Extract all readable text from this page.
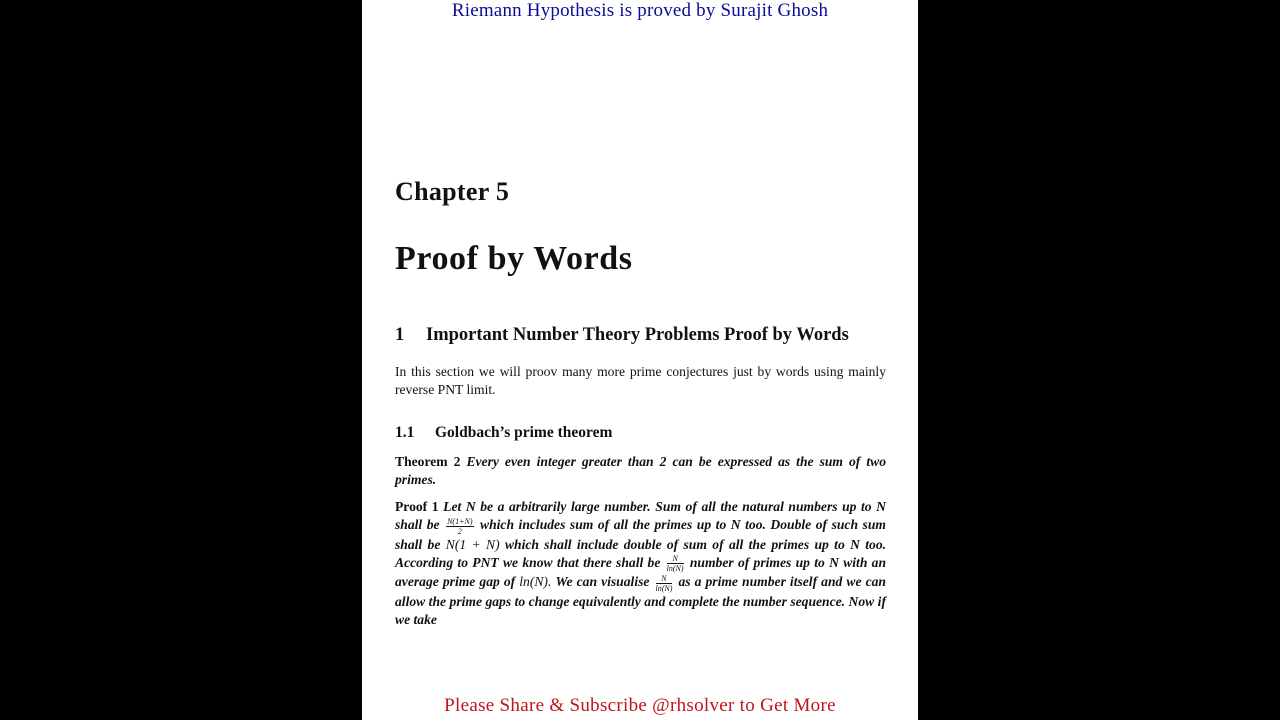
Riemann Hypothesis is proved by Surajit Ghosh
Chapter 5
Proof by Words
1 Important Number Theory Problems Proof by Words
In this section we will proov many more prime conjectures just by words using mainly reverse PNT limit.
1.1 Goldbach’s prime theorem
Theorem 2 Every even integer greater than 2 can be expressed as the sum of two primes.
Proof 1 Let N be a arbitrarily large number. Sum of all the natural numbers up to N shall be $\frac{N(1+N)}{2}$ which includes sum of all the primes up to N too. Double of such sum shall be N(1 + N) which shall include double of sum of all the primes up to N too. According to PNT we know that there shall be $\frac{N}{\ln(N)}$ number of primes up to N with an average prime gap of ln(N). We can visualise $\frac{N}{\ln(N)}$ as a prime number itself and we can allow the prime gaps to change equivalently and complete the number sequence. Now if we take
Please Share & Subscribe @rhsolver to Get More
